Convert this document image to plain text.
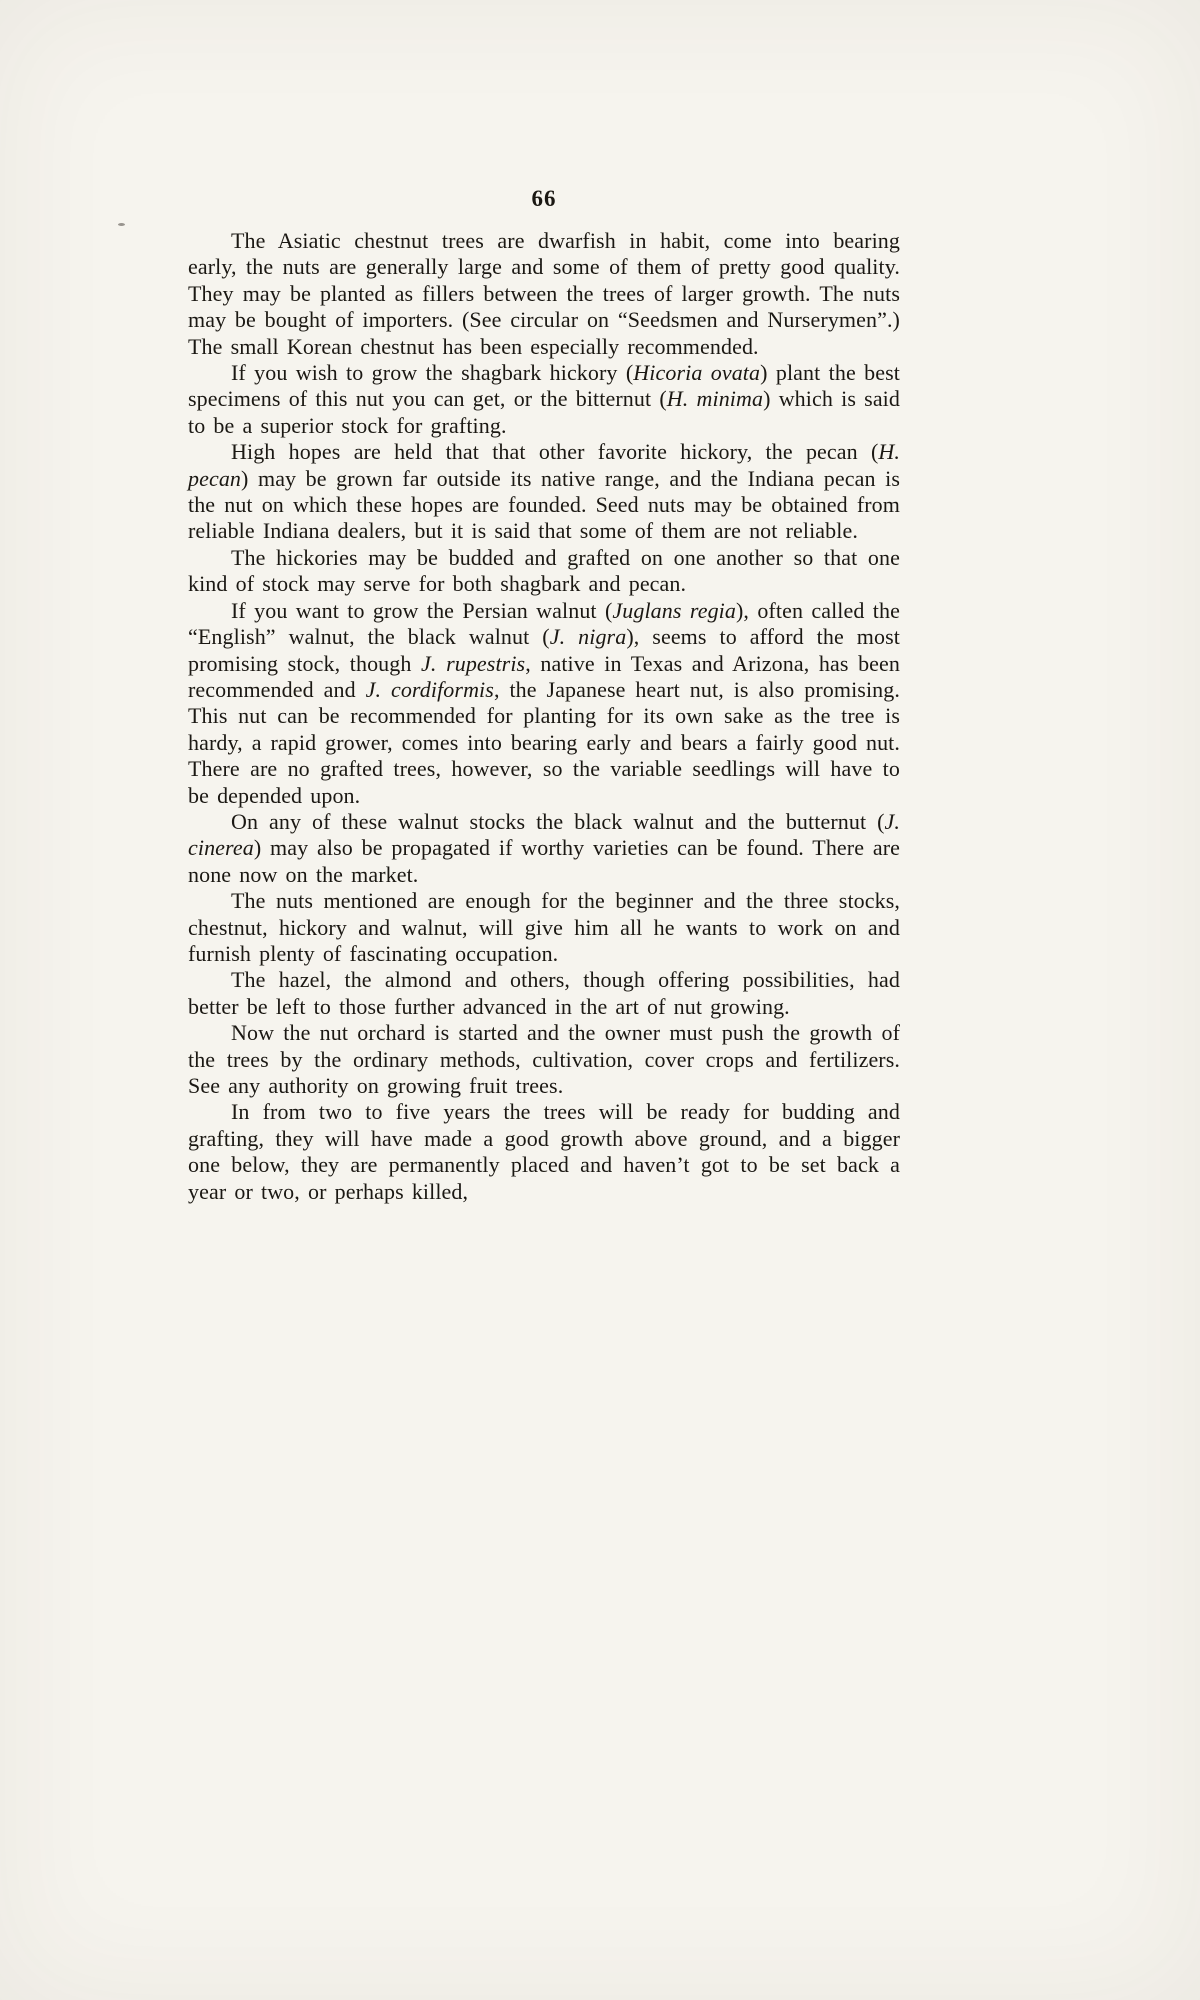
66

The Asiatic chestnut trees are dwarfish in habit, come into bearing early, the nuts are generally large and some of them of pretty good quality. They may be planted as fillers between the trees of larger growth. The nuts may be bought of importers. (See circular on “Seedsmen and Nurserymen”.) The small Korean chestnut has been especially recommended.

If you wish to grow the shagbark hickory (Hicoria ovata) plant the best specimens of this nut you can get, or the bitternut (H. minima) which is said to be a superior stock for grafting.

High hopes are held that that other favorite hickory, the pecan (H. pecan) may be grown far outside its native range, and the Indiana pecan is the nut on which these hopes are founded. Seed nuts may be obtained from reliable Indiana dealers, but it is said that some of them are not reliable.

The hickories may be budded and grafted on one another so that one kind of stock may serve for both shagbark and pecan.

If you want to grow the Persian walnut (Juglans regia), often called the “English” walnut, the black walnut (J. nigra), seems to afford the most promising stock, though J. rupestris, native in Texas and Arizona, has been recommended and J. cordiformis, the Japanese heart nut, is also promising. This nut can be recommended for planting for its own sake as the tree is hardy, a rapid grower, comes into bearing early and bears a fairly good nut. There are no grafted trees, however, so the variable seedlings will have to be depended upon.

On any of these walnut stocks the black walnut and the butternut (J. cinerea) may also be propagated if worthy varieties can be found. There are none now on the market.

The nuts mentioned are enough for the beginner and the three stocks, chestnut, hickory and walnut, will give him all he wants to work on and furnish plenty of fascinating occupation.

The hazel, the almond and others, though offering possibilities, had better be left to those further advanced in the art of nut growing.

Now the nut orchard is started and the owner must push the growth of the trees by the ordinary methods, cultivation, cover crops and fertilizers. See any authority on growing fruit trees.

In from two to five years the trees will be ready for budding and grafting, they will have made a good growth above ground, and a bigger one below, they are permanently placed and haven’t got to be set back a year or two, or perhaps killed,
